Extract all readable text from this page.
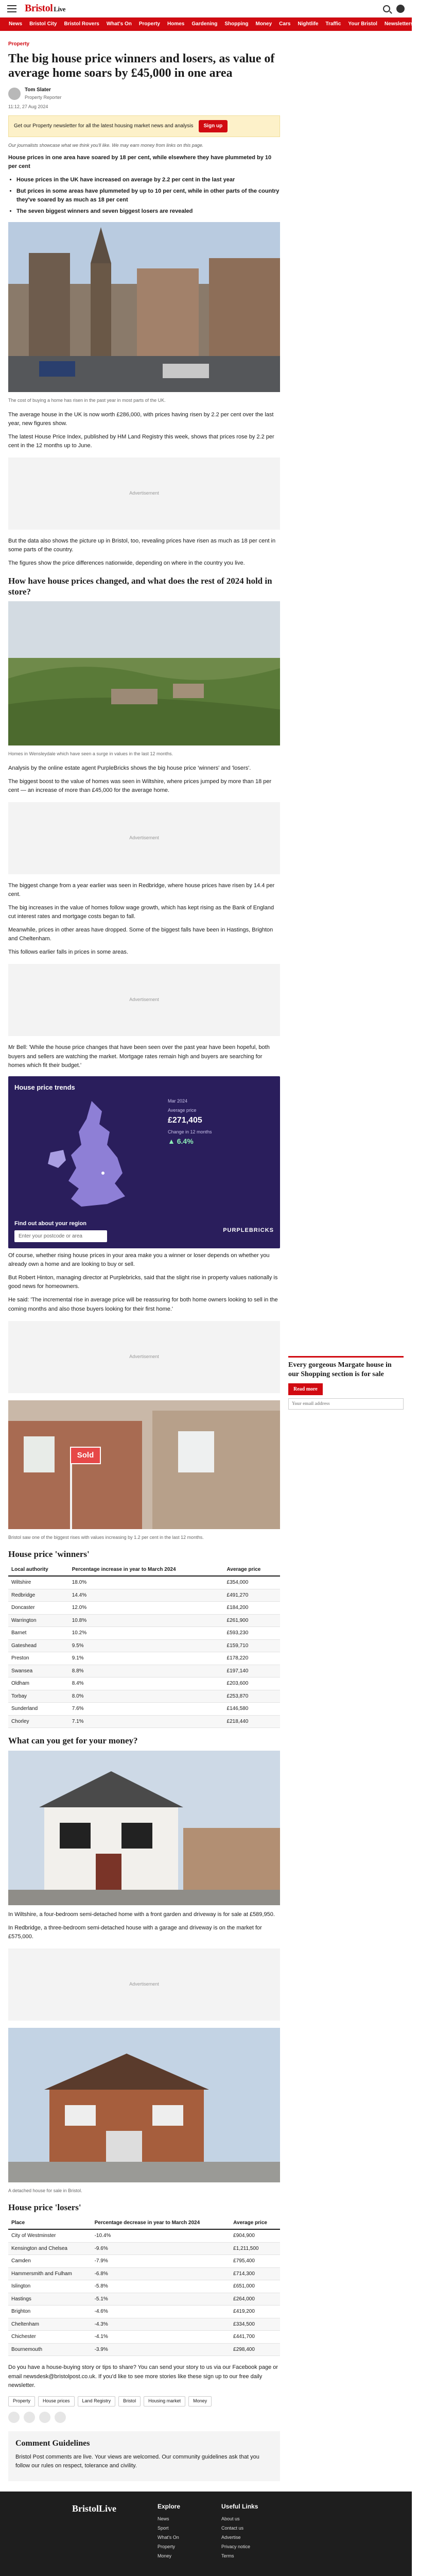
Bristol Live
News	Bristol City	Bristol Rovers	What's On	Property	Homes	Gardening	Shopping	Money	Cars	Nightlife	Traffic	Your Bristol	Newsletters	Jobs
Property
The big house price winners and losers, as value of average home soars by £45,000 in one area
Tom Slater
Property Reporter
11:12, 27 Aug 2024
Get our Property newsletter for all the latest housing market news and analysis	Sign up
Our journalists showcase what we think you'll like. We may earn money from links on this page.

House prices in one area have soared by 18 per cent, while elsewhere they have plummeted by 10 per cent

• House prices in the UK have increased on average by 2.2 per cent in the last year
• But prices in some areas have plummeted by up to 10 per cent, while in other parts of the country they've soared by as much as 18 per cent
• The seven biggest winners and seven biggest losers are revealed
The cost of buying a home has risen in the past year in most parts of the UK.

The average house in the UK is now worth £286,000, with prices having risen by 2.2 per cent over the last year, new figures show.

The latest House Price Index, published by HM Land Registry this week, shows that prices rose by 2.2 per cent in the 12 months up to June.

Advertisement

But the data also shows the picture up in Bristol, too, revealing prices have risen as much as 18 per cent in some parts of the country.

The figures show the price differences nationwide, depending on where in the country you live.

How have house prices changed, and what does the rest of 2024 hold in store?
Homes in Wensleydale which have seen a surge in values in the last 12 months.

Analysis by the online estate agent PurpleBricks shows the big house price 'winners' and 'losers'.

The biggest boost to the value of homes was seen in Wiltshire, where prices jumped by more than 18 per cent — an increase of more than £45,000 for the average home.

Advertisement

The biggest change from a year earlier was seen in Redbridge, where house prices have risen by 14.4 per cent.

The big increases in the value of homes follow wage growth, which has kept rising as the Bank of England cut interest rates and mortgage costs began to fall.

Meanwhile, prices in other areas have dropped. Some of the biggest falls have been in Hastings, Brighton and Cheltenham.

This follows earlier falls in prices in some areas.

Advertisement

Mr Bell: 'While the house price changes that have been seen over the past year have been hopeful, both buyers and sellers are watching the market. Mortgage rates remain high and buyers are searching for homes which fit their budget.'

House price trends
Mar 2024
Average price
£271,405
Change in 12 months
▲ 6.4%
Find out about your region
Enter your postcode or area
PURPLEBRICKS

Of course, whether rising house prices in your area make you a winner or loser depends on whether you already own a home and are looking to buy or sell.

But Robert Hinton, managing director at Purplebricks, said that the slight rise in property values nationally is good news for homeowners.

He said: 'The incremental rise in average price will be reassuring for both home owners looking to sell in the coming months and also those buyers looking for their first home.'

Advertisement
Sold
Bristol saw one of the biggest rises with values increasing by 1.2 per cent in the last 12 months.
House price 'winners'
Local authority	Percentage increase in year to March 2024	Average price
Wiltshire	18.0%	£354,000
Redbridge	14.4%	£491,270
Doncaster	12.0%	£184,200
Warrington	10.8%	£261,900
Barnet	10.2%	£593,230
Gateshead	9.5%	£159,710
Preston	9.1%	£178,220
Swansea	8.8%	£197,140
Oldham	8.4%	£203,600
Torbay	8.0%	£253,870
Sunderland	7.6%	£146,580
Chorley	7.1%	£218,440
What can you get for your money?

In Wiltshire, a four-bedroom semi-detached home with a front garden and driveway is for sale at £589,950.

In Redbridge, a three-bedroom semi-detached house with a garage and driveway is on the market for £575,000.

Advertisement
A detached house for sale in Bristol.
House price 'losers'
Place	Percentage decrease in year to March 2024	Average price
City of Westminster	-10.4%	£904,900
Kensington and Chelsea	-9.6%	£1,211,500
Camden	-7.9%	£795,400
Hammersmith and Fulham	-6.8%	£714,300
Islington	-5.8%	£651,000
Hastings	-5.1%	£264,000
Brighton	-4.6%	£419,200
Cheltenham	-4.3%	£334,500
Chichester	-4.1%	£441,700
Bournemouth	-3.9%	£298,400

Do you have a house-buying story or tips to share? You can send your story to us via our Facebook page or email newsdesk@bristolpost.co.uk. If you'd like to see more stories like these sign up to our free daily newsletter.

Property	House prices	Land Registry	Bristol	Housing market	Money
Comment Guidelines

Bristol Post comments are live. Your views are welcomed. Our community guidelines ask that you follow our rules on respect, tolerance and civility.

Every gorgeous Margate house in our Shopping section is for sale
Read more
Your email address
BristolLive	Explore
News
Sport
What's On
Property
Money
Useful Links
About us
Contact us
Advertise
Privacy notice
Terms
